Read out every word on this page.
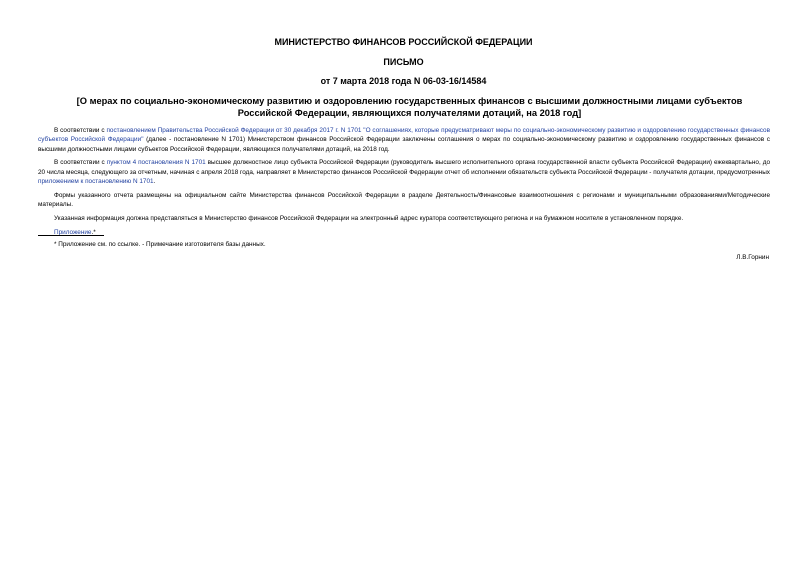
МИНИСТЕРСТВО ФИНАНСОВ РОССИЙСКОЙ ФЕДЕРАЦИИ
ПИСЬМО
от 7 марта 2018 года N 06-03-16/14584
[О мерах по социально-экономическому развитию и оздоровлению государственных финансов с высшими должностными лицами субъектов Российской Федерации, являющихся получателями дотаций, на 2018 год]

В соответствии с постановлением Правительства Российской Федерации от 30 декабря 2017 г. N 1701 "О соглашениях, которые предусматривают меры по социально-экономическому развитию и оздоровлению государственных финансов субъектов Российской Федерации" (далее - постановление N 1701) Министерством финансов Российской Федерации заключены соглашения о мерах по социально-экономическому развитию и оздоровлению государственных финансов с высшими должностными лицами субъектов Российской Федерации, являющихся получателями дотаций, на 2018 год.

В соответствии с пунктом 4 постановления N 1701 высшее должностное лицо субъекта Российской Федерации (руководитель высшего исполнительного органа государственной власти субъекта Российской Федерации) ежеквартально, до 20 числа месяца, следующего за отчетным, начиная с апреля 2018 года, направляет в Министерство финансов Российской Федерации отчет об исполнении обязательств субъекта Российской Федерации - получателя дотации, предусмотренных приложением к постановлению N 1701.

Формы указанного отчета размещены на официальном сайте Министерства финансов Российской Федерации в разделе Деятельность/Финансовые взаимоотношения с регионами и муниципальными образованиями/Методические материалы.

Указанная информация должна представляться в Министерство финансов Российской Федерации на электронный адрес куратора соответствующего региона и на бумажном носителе в установленном порядке.

Приложение.*

* Приложение см. по ссылке. - Примечание изготовителя базы данных.
Л.В.Горнин
